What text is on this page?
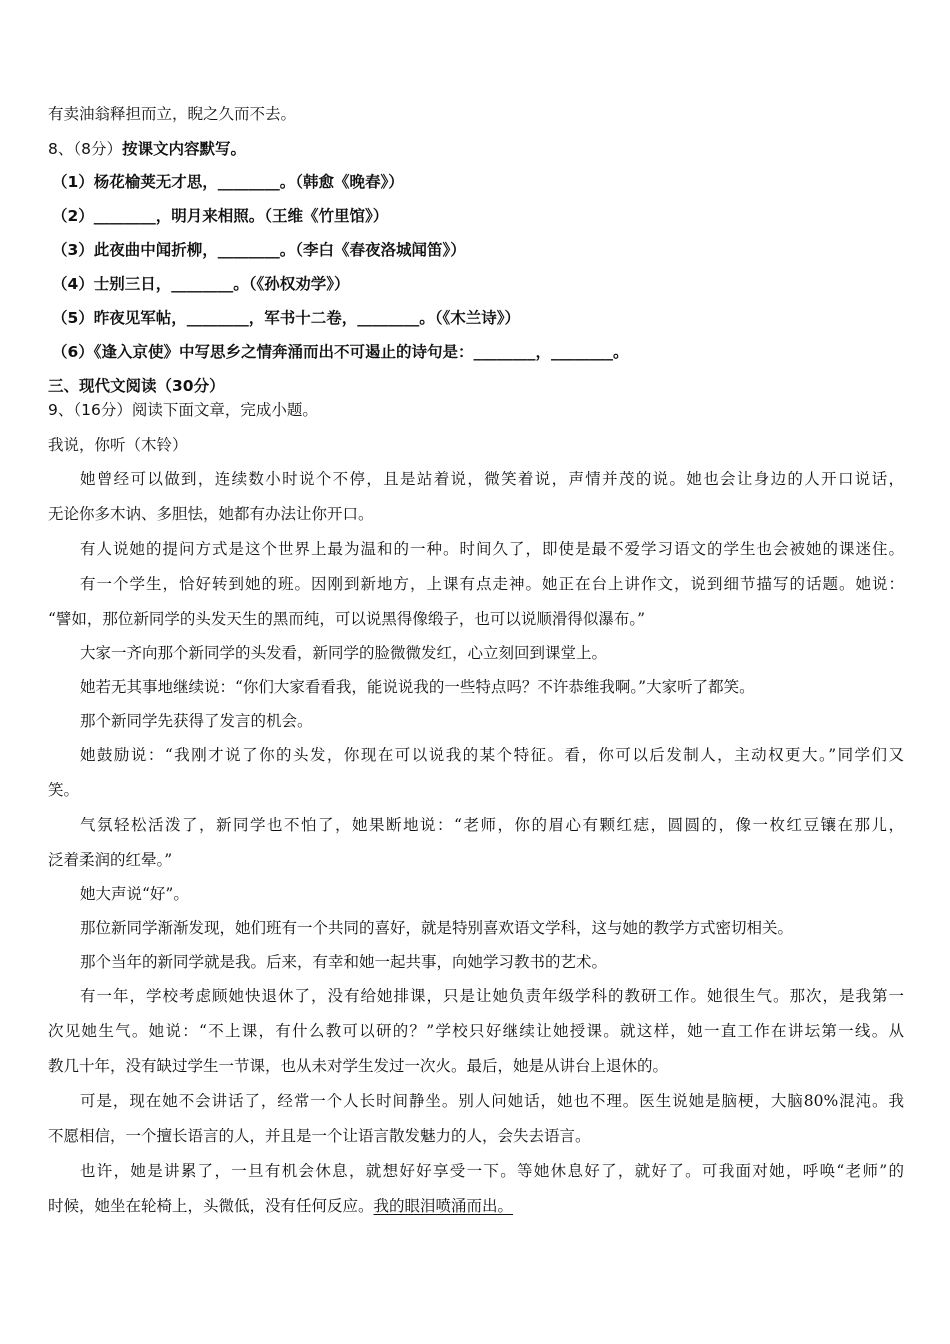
有卖油翁释担而立，睨之久而不去。
8、（8分）按课文内容默写。
（1）杨花榆荚无才思，________。（韩愈《晚春》）
（2）________，明月来相照。（王维《竹里馆》）
（3）此夜曲中闻折柳，________。（李白《春夜洛城闻笛》）
（4）士别三日，________。（《孙权劝学》）
（5）昨夜见军帖，________，军书十二卷，________。（《木兰诗》）
（6）《逢入京使》中写思乡之情奔涌而出不可遏止的诗句是：________，________。
三、现代文阅读（30分）
9、（16分）阅读下面文章，完成小题。
我说，你听（木铃）
她曾经可以做到，连续数小时说个不停，且是站着说，微笑着说，声情并茂的说。她也会让身边的人开口说话，
无论你多木讷、多胆怯，她都有办法让你开口。
有人说她的提问方式是这个世界上最为温和的一种。时间久了，即使是最不爱学习语文的学生也会被她的课迷住。
有一个学生，恰好转到她的班。因刚到新地方，上课有点走神。她正在台上讲作文，说到细节描写的话题。她说：
“譬如，那位新同学的头发天生的黑而纯，可以说黑得像缎子，也可以说顺滑得似瀑布。”
大家一齐向那个新同学的头发看，新同学的脸微微发红，心立刻回到课堂上。
她若无其事地继续说：“你们大家看看我，能说说我的一些特点吗？不许恭维我啊。”大家听了都笑。
那个新同学先获得了发言的机会。
她鼓励说：“我刚才说了你的头发，你现在可以说我的某个特征。看，你可以后发制人，主动权更大。”同学们又
笑。
气氛轻松活泼了，新同学也不怕了，她果断地说：“老师，你的眉心有颗红痣，圆圆的，像一枚红豆镶在那儿，
泛着柔润的红晕。”
她大声说“好”。
那位新同学渐渐发现，她们班有一个共同的喜好，就是特别喜欢语文学科，这与她的教学方式密切相关。
那个当年的新同学就是我。后来，有幸和她一起共事，向她学习教书的艺术。
有一年，学校考虑顾她快退休了，没有给她排课，只是让她负责年级学科的教研工作。她很生气。那次，是我第一
次见她生气。她说：“不上课，有什么教可以研的？”学校只好继续让她授课。就这样，她一直工作在讲坛第一线。从
教几十年，没有缺过学生一节课，也从未对学生发过一次火。最后，她是从讲台上退休的。
可是，现在她不会讲话了，经常一个人长时间静坐。别人问她话，她也不理。医生说她是脑梗，大脑80%混沌。我
不愿相信，一个擅长语言的人，并且是一个让语言散发魅力的人，会失去语言。
也许，她是讲累了，一旦有机会休息，就想好好享受一下。等她休息好了，就好了。可我面对她，呼唤“老师”的
时候，她坐在轮椅上，头微低，没有任何反应。我的眼泪喷涌而出。
